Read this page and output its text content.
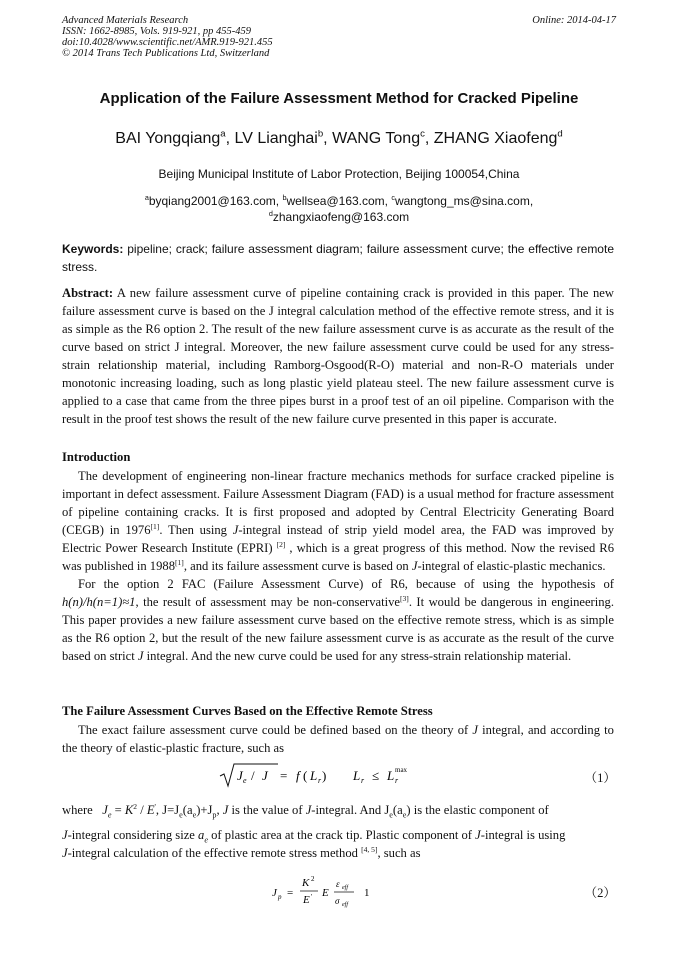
Advanced Materials Research
ISSN: 1662-8985, Vols. 919-921, pp 455-459
doi:10.4028/www.scientific.net/AMR.919-921.455
© 2014 Trans Tech Publications Ltd, Switzerland
Online: 2014-04-17
Application of the Failure Assessment Method for Cracked Pipeline
BAI Yongqiang$^a$, LV Lianghai$^b$, WANG Tong$^c$, ZHANG Xiaofeng$^d$
Beijing Municipal Institute of Labor Protection, Beijing 100054,China
$^a$byqiang2001@163.com, $^b$wellsea@163.com, $^c$wangtong_ms@sina.com,
$^d$zhangxiaofeng@163.com
Keywords: pipeline; crack; failure assessment diagram; failure assessment curve; the effective remote stress.
Abstract: A new failure assessment curve of pipeline containing crack is provided in this paper. The new failure assessment curve is based on the J integral calculation method of the effective remote stress, and it is as simple as the R6 option 2. The result of the new failure assessment curve is as accurate as the result of the curve based on strict J integral. Moreover, the new failure assessment curve could be used for any stress-strain relationship material, including Ramborg-Osgood(R-O) material and non-R-O materials under monotonic increasing loading, such as long plastic yield plateau steel. The new failure assessment curve is applied to a case that came from the three pipes burst in a proof test of an oil pipeline. Comparison with the result in the proof test shows the result of the new failure curve presented in this paper is accurate.
Introduction
The development of engineering non-linear fracture mechanics methods for surface cracked pipeline is important in defect assessment. Failure Assessment Diagram (FAD) is a usual method for fracture assessment of pipeline containing cracks. It is first proposed and adopted by Central Electricity Generating Board (CEGB) in 1976[1]. Then using J-integral instead of strip yield model area, the FAD was improved by Electric Power Research Institute (EPRI) [2] , which is a great progress of this method. Now the revised R6 was published in 1988[1], and its failure assessment curve is based on J-integral of elastic-plastic mechanics.
For the option 2 FAC (Failure Assessment Curve) of R6, because of using the hypothesis of h(n)/h(n=1)≈1, the result of assessment may be non-conservative[3]. It would be dangerous in engineering. This paper provides a new failure assessment curve based on the effective remote stress, which is as simple as the R6 option 2, but the result of the new failure assessment curve is as accurate as the result of the curve based on strict J integral. And the new curve could be used for any stress-strain relationship material.
The Failure Assessment Curves Based on the Effective Remote Stress
The exact failure assessment curve could be defined based on the theory of J integral, and according to the theory of elastic-plastic fracture, such as
J e / J = f ( L r ) L r ≤ L r
max
（1）
where $J_e = K^2 / E'$, $J=J_e(a_e)+J_p$, J is the value of J-integral. And $J_e(a_e)$ is the elastic component of
J-integral considering size $a_e$ of plastic area at the crack tip. Plastic component of J-integral is using
J-integral calculation of the effective remote stress method [4, 5], such as
J p =
K 2
E ' E
ε eff
σ eff
1	（2）
